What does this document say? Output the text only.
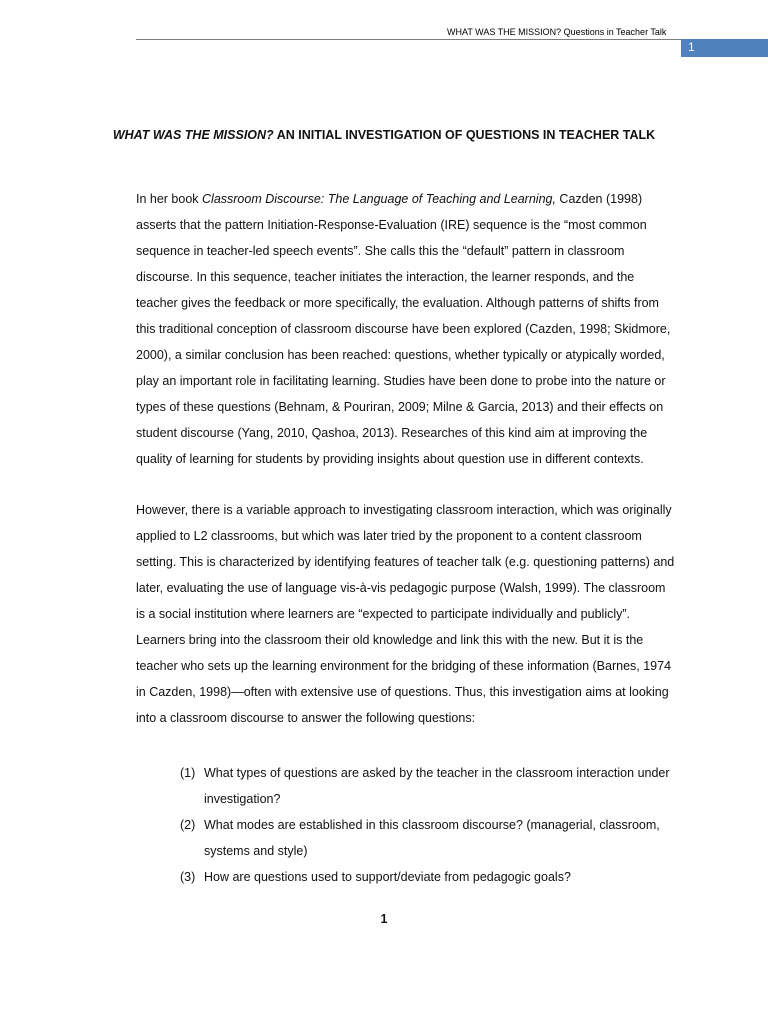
WHAT WAS THE MISSION? Questions in Teacher Talk
1
WHAT WAS THE MISSION? AN INITIAL INVESTIGATION OF QUESTIONS IN TEACHER TALK

In her book Classroom Discourse: The Language of Teaching and Learning, Cazden (1998) asserts that the pattern Initiation-Response-Evaluation (IRE) sequence is the “most common sequence in teacher-led speech events”. She calls this the “default” pattern in classroom discourse. In this sequence, teacher initiates the interaction, the learner responds, and the teacher gives the feedback or more specifically, the evaluation. Although patterns of shifts from this traditional conception of classroom discourse have been explored (Cazden, 1998; Skidmore, 2000), a similar conclusion has been reached: questions, whether typically or atypically worded, play an important role in facilitating learning. Studies have been done to probe into the nature or types of these questions (Behnam, & Pouriran, 2009; Milne & Garcia, 2013) and their effects on student discourse (Yang, 2010, Qashoa, 2013). Researches of this kind aim at improving the quality of learning for students by providing insights about question use in different contexts.

However, there is a variable approach to investigating classroom interaction, which was originally applied to L2 classrooms, but which was later tried by the proponent to a content classroom setting. This is characterized by identifying features of teacher talk (e.g. questioning patterns) and later, evaluating the use of language vis-à-vis pedagogic purpose (Walsh, 1999). The classroom is a social institution where learners are “expected to participate individually and publicly”. Learners bring into the classroom their old knowledge and link this with the new. But it is the teacher who sets up the learning environment for the bridging of these information (Barnes, 1974 in Cazden, 1998)—often with extensive use of questions. Thus, this investigation aims at looking into a classroom discourse to answer the following questions:

(1) What types of questions are asked by the teacher in the classroom interaction under investigation?
(2) What modes are established in this classroom discourse? (managerial, classroom, systems and style)
(3) How are questions used to support/deviate from pedagogic goals?
1
